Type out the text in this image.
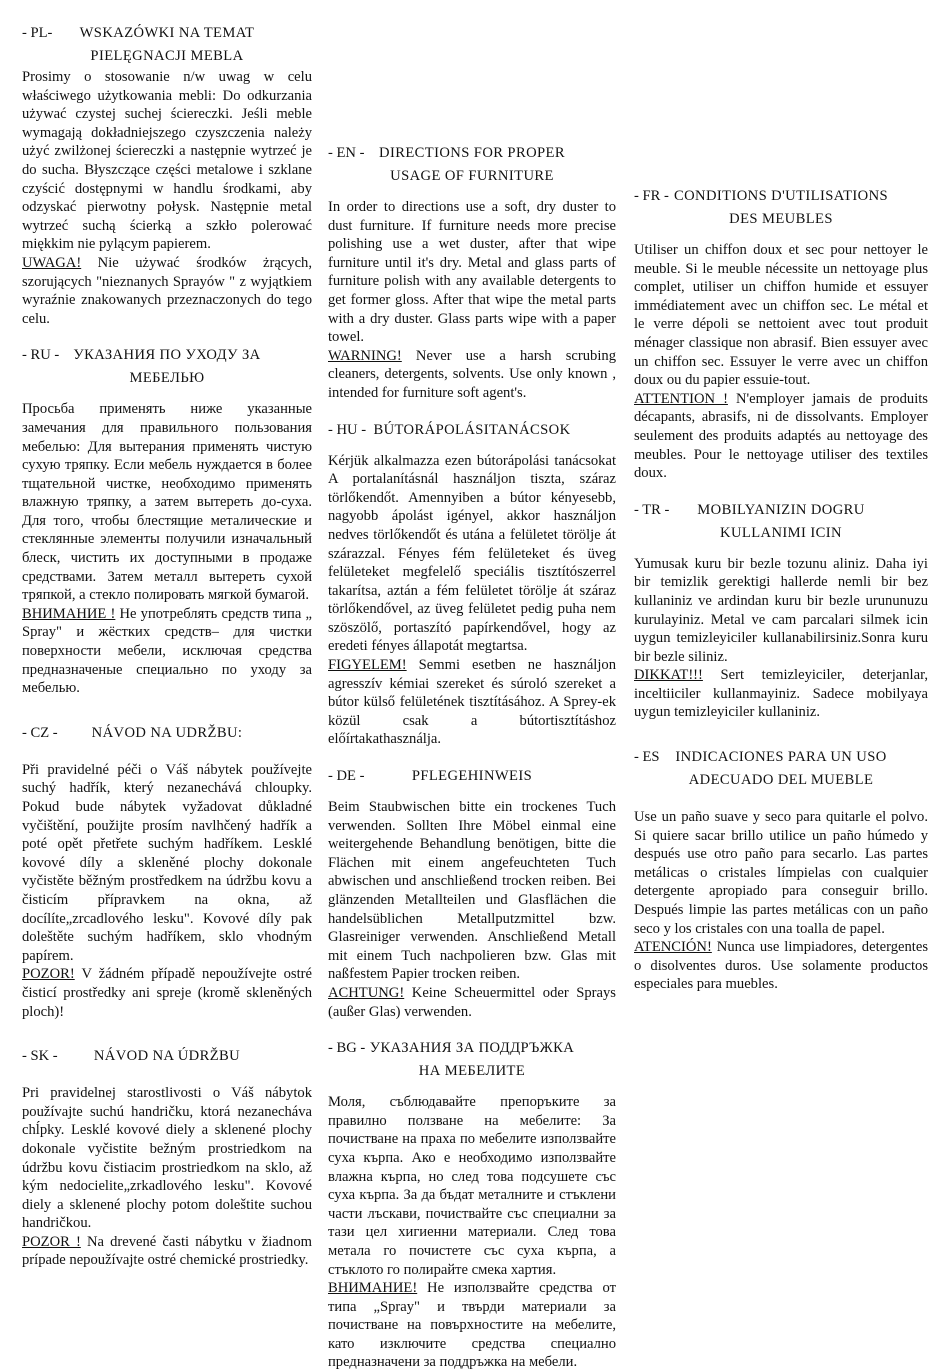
- PL-	WSKAZÓWKI NA TEMAT
PIELĘGNACJI MEBLA

Prosimy o stosowanie n/w uwag w celu właściwego użytkowania mebli: Do odkurzania używać czystej suchej ściereczki. Jeśli meble wymagają dokładniejszego czyszczenia należy użyć zwilżonej ściereczki a następnie wytrzeć je do sucha. Błyszczące części metalowe i szklane czyścić dostępnymi w handlu środkami, aby odzyskać pierwotny połysk. Następnie metal wytrzeć suchą ścierką a szkło polerować miękkim nie pylącym papierem.

UWAGA! Nie używać środków żrących, szorujących "nieznanych Sprayów " z wyjątkiem wyraźnie znakowanych przeznaczonych do tego celu.

- RU - УКАЗАНИЯ ПО УХОДУ ЗА
МЕБЕЛЬЮ

Просьба применять ниже указанные замечания для правильного пользования мебелью: Для вытерания применять чистую сухую тряпку. Если мебель нуждается в более тщательной чистке, необходимо применять влажную тряпку, а затем вытереть до-суха. Для того, чтобы блестящие металические и стеклянные элементы получили изначальный блеск, чистить их доступными в продаже средствами. Затем металл вытереть сухой тряпкой, а стекло полировать мягкой бумагой.

ВНИМАНИЕ ! Не употреблять средств типа „ Spray" и жёстких средств– для чистки поверхности мебели, исключая средства предназначеные специально по уходу за мебелью.

- CZ -	NÁVOD NA UDRŽBU:

Při pravidelné péči o Váš nábytek používejte suchý hadřík, který nezanechává chloupky. Pokud bude nábytek vyžadovat důkladné vyčištění, použijte prosím navlhčený hadřík a poté opět přetřete suchým hadříkem. Lesklé kovové díly a skleněné plochy dokonale vyčistěte běžným prostředkem na údržbu kovu a čisticím přípravkem na okna, až docílíte„zrcadlového lesku". Kovové díly pak doleštěte suchým hadříkem, sklo vhodným papírem.

POZOR! V žádném případě nepoužívejte ostré čisticí prostředky ani spreje (kromě skleněných ploch)!

- SK -	NÁVOD NA ÚDRŽBU

Pri pravidelnej starostlivosti o Váš nábytok používajte suchú handričku, ktorá nezanecháva chĺpky. Lesklé kovové diely a sklenené plochy dokonale vyčistite bežným prostriedkom na údržbu kovu čistiacim prostriedkom na sklo, až kým nedocielite„zrkadlového lesku". Kovové diely a sklenené plochy potom doleštite suchou handričkou.

POZOR ! Na drevené časti nábytku v žiadnom prípade nepoužívajte ostré chemické prostriedky.

- EN - DIRECTIONS FOR PROPER
USAGE OF FURNITURE

In order to directions use a soft, dry duster to dust furniture. If furniture needs more precise polishing use a wet duster, after that wipe furniture until it's dry. Metal and glass parts of furniture polish with any available detergents to get former gloss. After that wipe the metal parts with a dry duster. Glass parts wipe with a paper towel.

WARNING! Never use a harsh scrubing cleaners, detergents, solvents. Use only known , intended for furniture soft agent's.

- HU - BÚTORÁPOLÁSITANÁCSOK

Kérjük alkalmazza ezen bútorápolási tanácsokat A portalanításnál használjon tiszta, száraz törlőkendőt. Amennyiben a bútor kényesebb, nagyobb ápolást igényel, akkor használjon nedves törlőkendőt és utána a felületet törölje át szárazzal. Fényes fém felületeket és üveg felületeket megfelelő speciális tisztítószerrel takarítsa, aztán a fém felületet törölje át száraz törlőkendővel, az üveg felületet pedig puha nem szöszölő, portaszító papírkendővel, hogy az eredeti fényes állapotát megtartsa.

FIGYELEM! Semmi esetben ne használjon agresszív kémiai szereket és súroló szereket a bútor külső felületének tisztításához. A Sprey-ek közül csak a bútortisztításhoz előírtakathasználja.

- DE -	PFLEGEHINWEIS

Beim Staubwischen bitte ein trockenes Tuch verwenden. Sollten Ihre Möbel einmal eine weitergehende Behandlung benötigen, bitte die Flächen mit einem angefeuchteten Tuch abwischen und anschließend trocken reiben. Bei glänzenden Metallteilen und Glasflächen die handelsüblichen Metallputzmittel bzw. Glasreiniger verwenden. Anschließend Metall mit einem Tuch nachpolieren bzw. Glas mit naßfestem Papier trocken reiben.

ACHTUNG! Keine Scheuermittel oder Sprays (außer Glas) verwenden.

- BG - УКАЗАНИЯ ЗА ПОДДРЪЖКА
НА МЕБЕЛИТЕ

Моля, съблюдавайте препоръките за правилно ползване на мебелите: За почистване на праха по мебелите използвайте суха кърпа. Ако е необходимо използвайте влажна кърпа, но след това подсушете със суха кърпа. За да бъдат металните и стъклени части лъскави, почиствайте със специални за тази цел хигиенни материали. След това метала го почистете със суха кърпа, а стъклото го полирайте смека хартия.

ВНИМАНИЕ! Не използвайте средства от типа „Spray" и твърди материали за почистване на повърхностите на мебелите, като изключите средства специално предназначени за поддръжка на мебели.

- FR - CONDITIONS D'UTILISATIONS
DES MEUBLES

Utiliser un chiffon doux et sec pour nettoyer le meuble. Si le meuble nécessite un nettoyage plus complet, utiliser un chiffon humide et essuyer immédiatement avec un chiffon sec. Le métal et le verre dépoli se nettoient avec tout produit ménager classique non abrasif. Bien essuyer avec un chiffon sec. Essuyer le verre avec un chiffon doux ou du papier essuie-tout.

ATTENTION ! N'employer jamais de produits décapants, abrasifs, ni de dissolvants. Employer seulement des produits adaptés au nettoyage des meubles. Pour le nettoyage utiliser des textiles doux.

- TR -	MOBILYANIZIN DOGRU
KULLANIMI ICIN

Yumusak kuru bir bezle tozunu aliniz. Daha iyi bir temizlik gerektigi hallerde nemli bir bez kullaniniz ve ardindan kuru bir bezle urununuzu kurulayiniz. Metal ve cam parcalari silmek icin uygun temizleyiciler kullanabilirsiniz.Sonra kuru bir bezle siliniz.

DIKKAT!!! Sert temizleyiciler, deterjanlar, inceltiiciler kullanmayiniz. Sadece mobilyaya uygun temizleyiciler kullaniniz.

- ES	INDICACIONES PARA UN USO
ADECUADO DEL MUEBLE

Use un paño suave y seco para quitarle el polvo. Si quiere sacar brillo utilice un paño húmedo y después use otro paño para secarlo. Las partes metálicas o cristales límpielas con cualquier detergente apropiado para conseguir brillo. Después limpie las partes metálicas con un paño seco y los cristales con una toalla de papel.

ATENCIÓN! Nunca use limpiadores, detergentes o disolventes duros. Use solamente productos especiales para muebles.
